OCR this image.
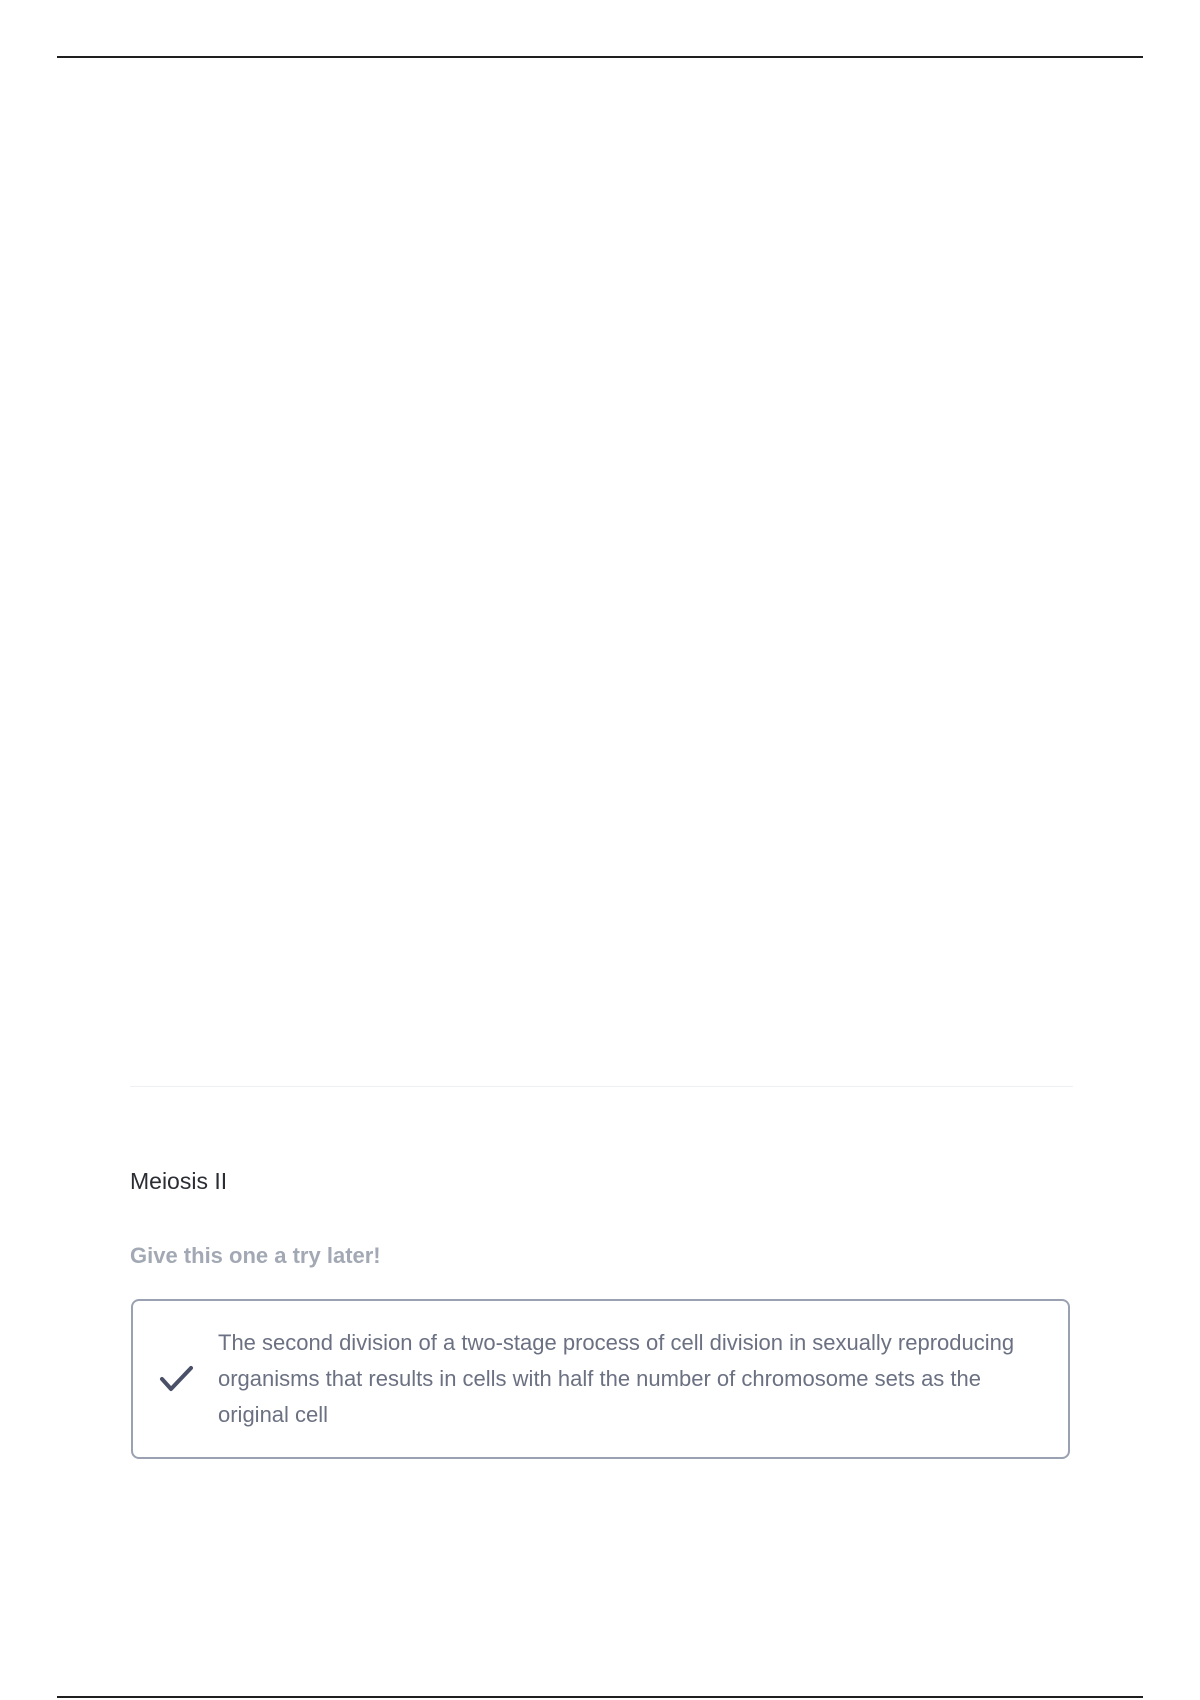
Meiosis II
Give this one a try later!
The second division of a two-stage process of cell division in sexually reproducing organisms that results in cells with half the number of chromosome sets as the original cell
